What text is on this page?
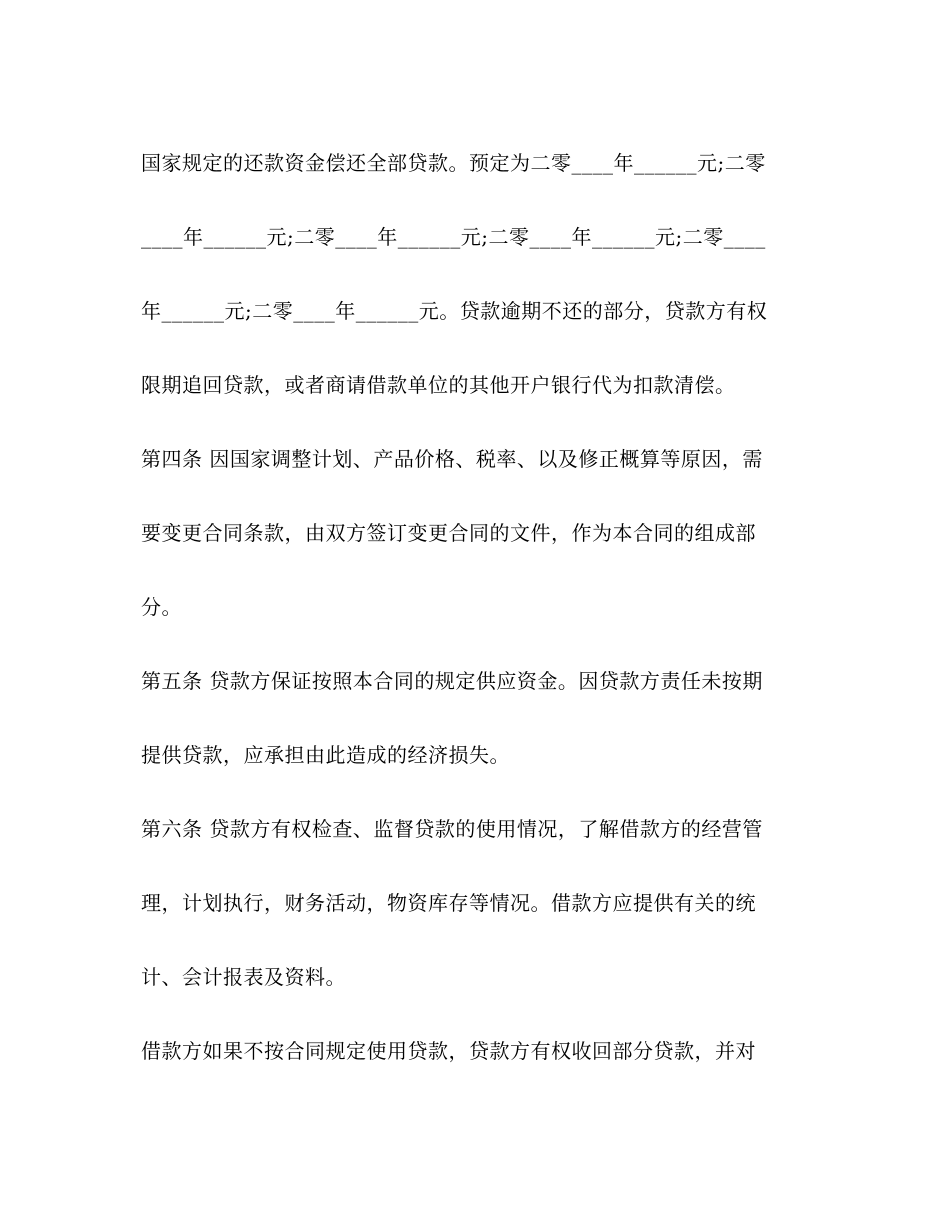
国家规定的还款资金偿还全部贷款。预定为二零____年______元;二零
____年______元;二零____年______元;二零____年______元;二零____
年______元;二零____年______元。贷款逾期不还的部分，贷款方有权
限期追回贷款，或者商请借款单位的其他开户银行代为扣款清偿。
第四条 因国家调整计划、产品价格、税率、以及修正概算等原因，需
要变更合同条款，由双方签订变更合同的文件，作为本合同的组成部
分。
第五条 贷款方保证按照本合同的规定供应资金。因贷款方责任未按期
提供贷款，应承担由此造成的经济损失。
第六条 贷款方有权检查、监督贷款的使用情况，了解借款方的经营管
理，计划执行，财务活动，物资库存等情况。借款方应提供有关的统
计、会计报表及资料。
借款方如果不按合同规定使用贷款，贷款方有权收回部分贷款，并对
